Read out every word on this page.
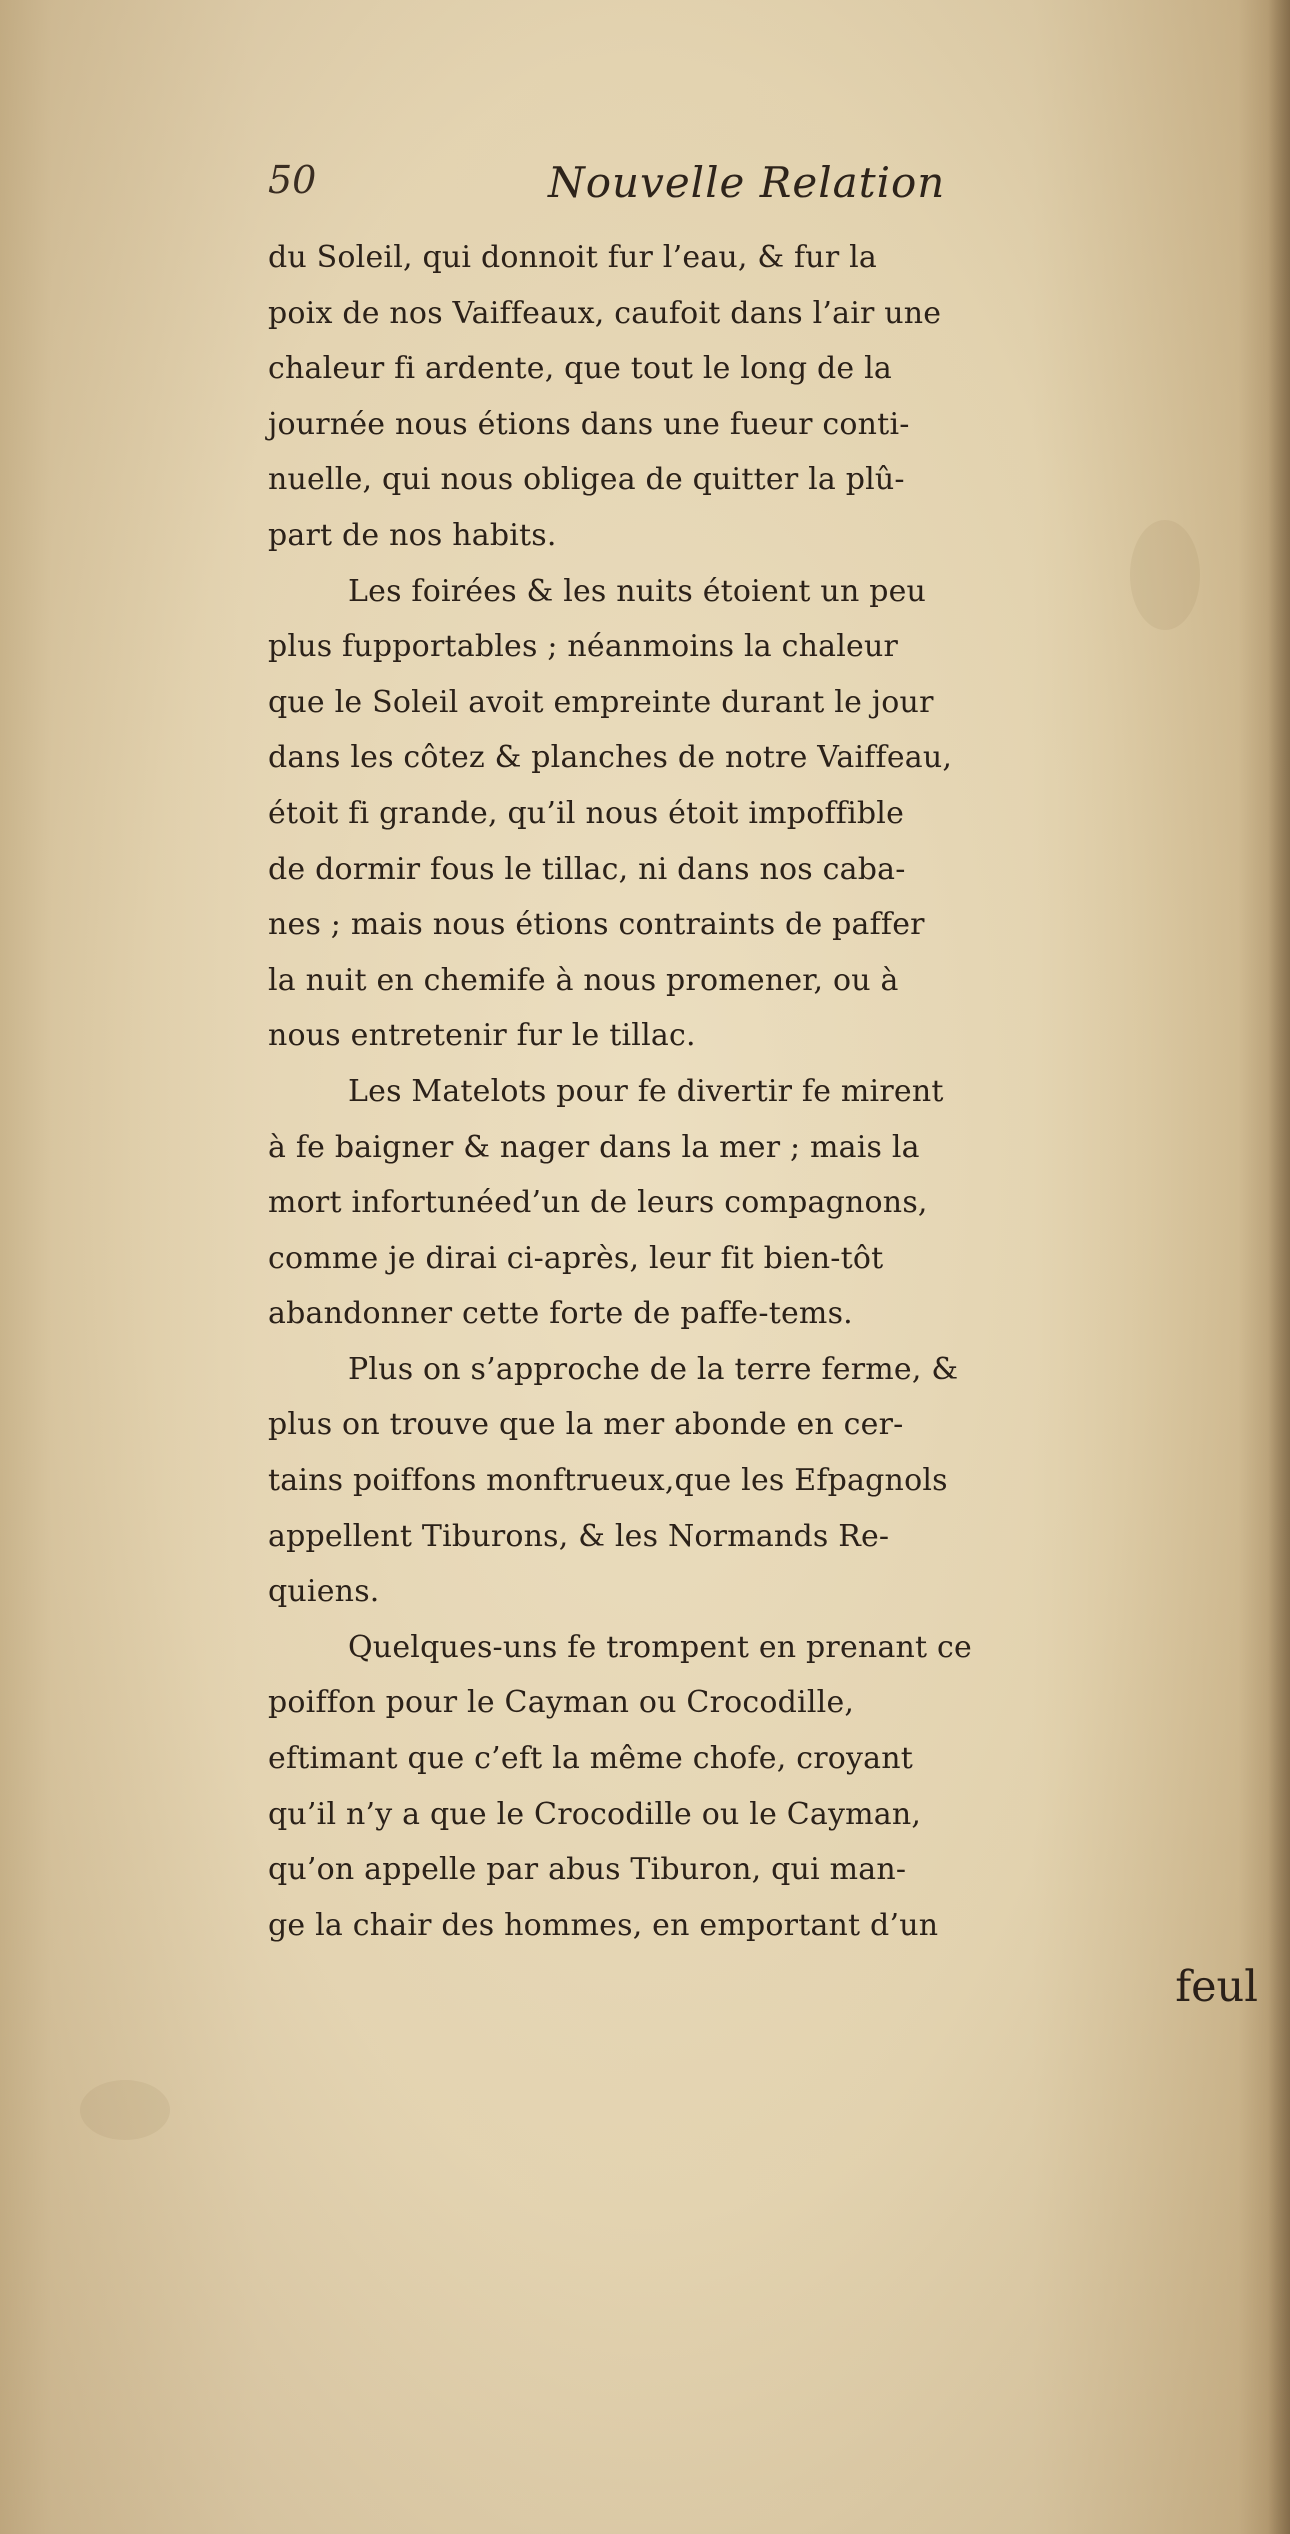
50	Nouvelle Relation
du Soleil, qui donnoit fur l’eau, & fur la
poix de nos Vaiffeaux, caufoit dans l’air une
chaleur fi ardente, que tout le long de la
journée nous étions dans une fueur conti-
nuelle, qui nous obligea de quitter la plû-
part de nos habits.
Les foirées & les nuits étoient un peu
plus fupportables ; néanmoins la chaleur
que le Soleil avoit empreinte durant le jour
dans les côtez & planches de notre Vaiffeau,
étoit fi grande, qu’il nous étoit impoffible
de dormir fous le tillac, ni dans nos caba-
nes ; mais nous étions contraints de paffer
la nuit en chemife à nous promener, ou à
nous entretenir fur le tillac.
Les Matelots pour fe divertir fe mirent
à fe baigner & nager dans la mer ; mais la
mort infortunéed’un de leurs compagnons,
comme je dirai ci-après, leur fit bien-tôt
abandonner cette forte de paffe-tems.
Plus on s’approche de la terre ferme, &
plus on trouve que la mer abonde en cer-
tains poiffons monftrueux,que les Efpagnols
appellent Tiburons, & les Normands Re-
quiens.
Quelques-uns fe trompent en prenant ce
poiffon pour le Cayman ou Crocodille,
eftimant que c’eft la même chofe, croyant
qu’il n’y a que le Crocodille ou le Cayman,
qu’on appelle par abus Tiburon, qui man-
ge la chair des hommes, en emportant d’un
feul
